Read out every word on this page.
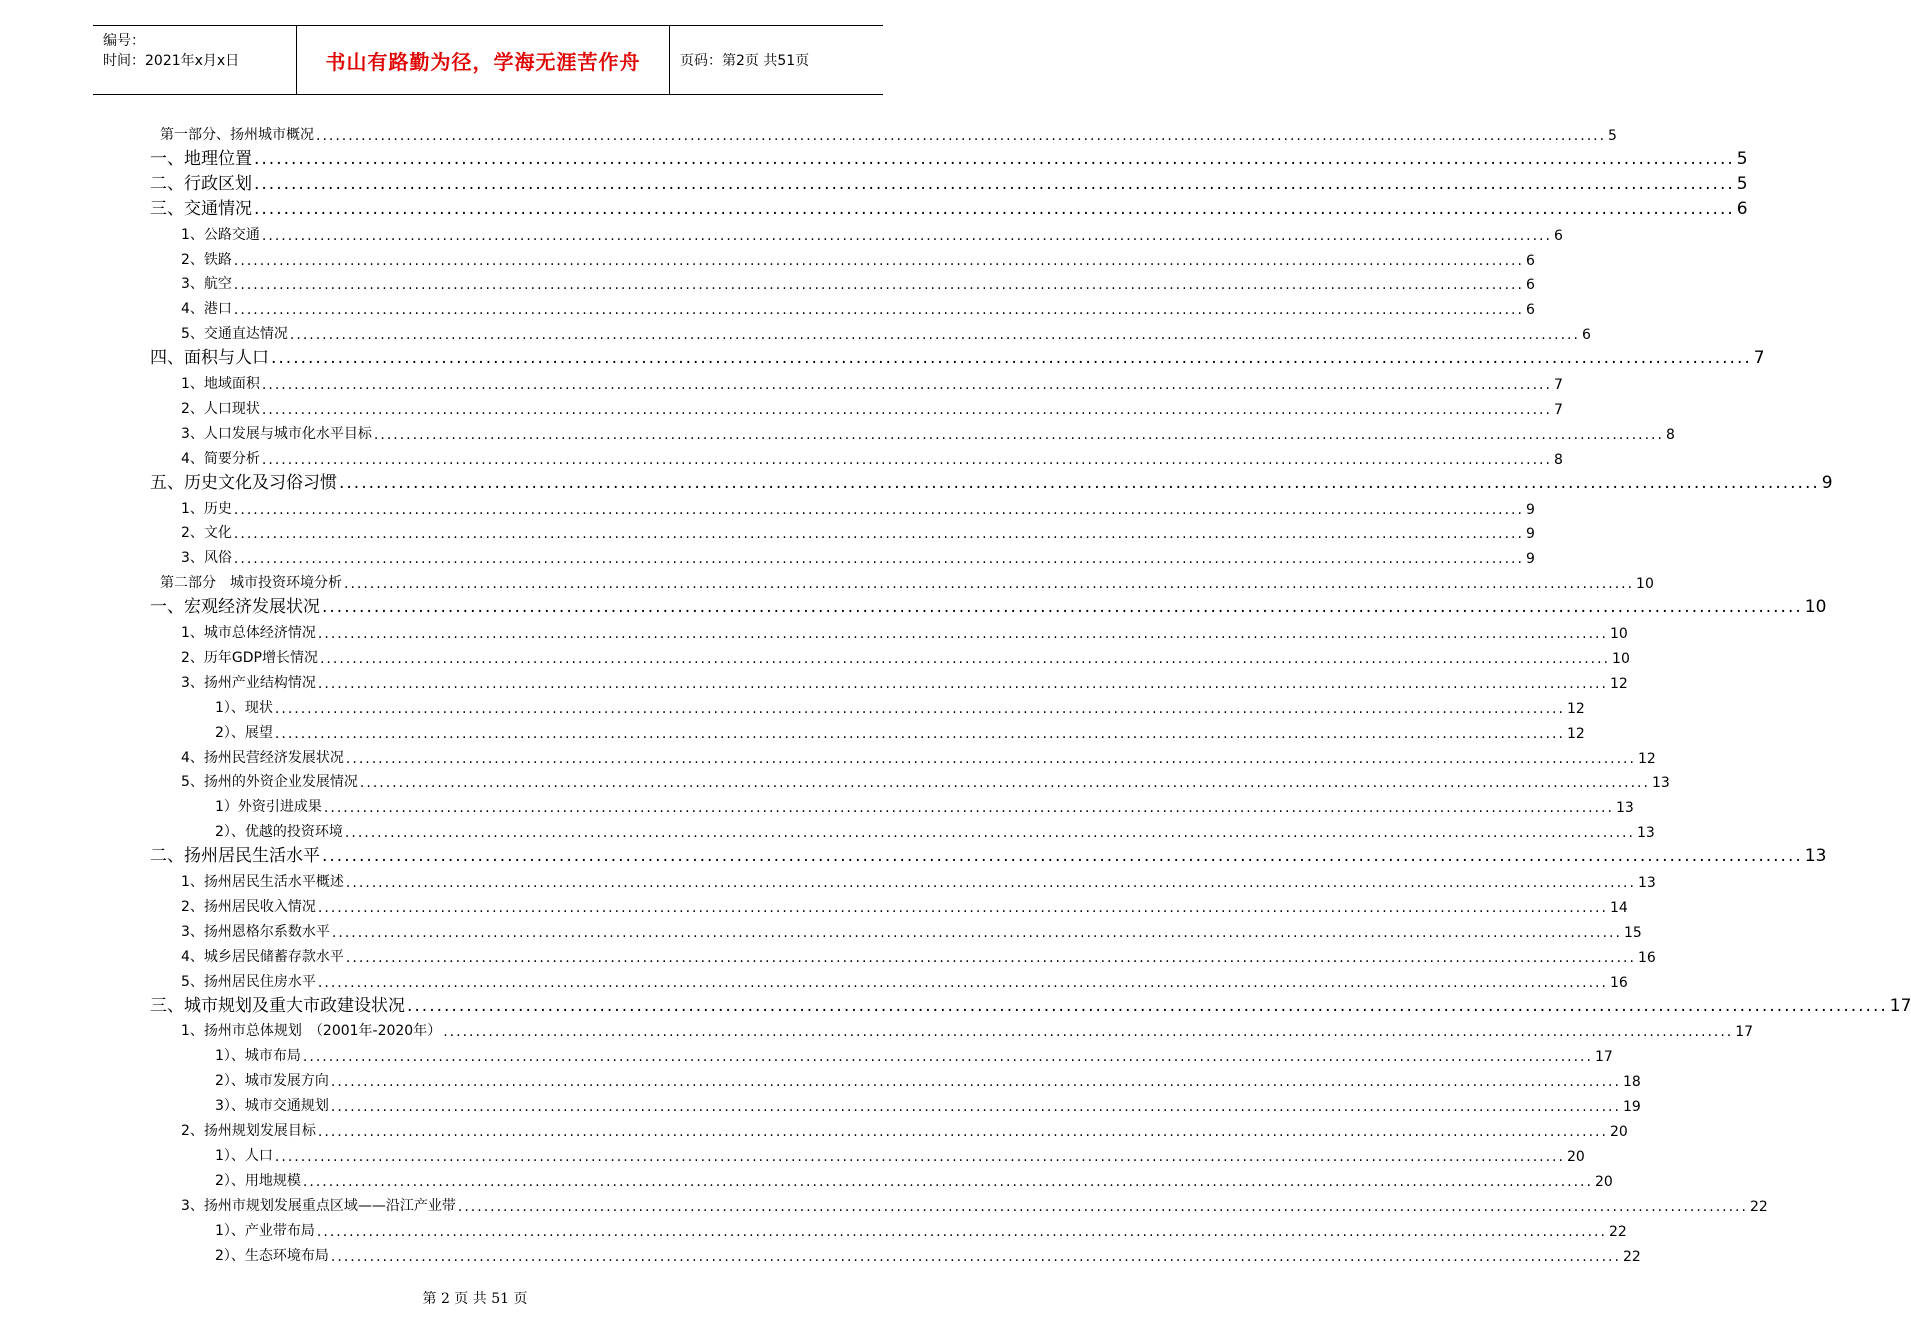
编号：
时间：2021年x月x日	书山有路勤为径，学海无涯苦作舟	页码：第2页 共51页
第一部分、扬州城市概况 ........................................................................................................................................................................................................ 5
一、地理位置 ........................................................................................................................................................................................................ 5
二、行政区划 ........................................................................................................................................................................................................ 5
三、交通情况 ........................................................................................................................................................................................................ 6
1、公路交通 ........................................................................................................................................................................................................ 6
2、铁路 ........................................................................................................................................................................................................ 6
3、航空 ........................................................................................................................................................................................................ 6
4、港口 ........................................................................................................................................................................................................ 6
5、交通直达情况 ........................................................................................................................................................................................................ 6
四、面积与人口 ........................................................................................................................................................................................................ 7
1、地域面积 ........................................................................................................................................................................................................ 7
2、人口现状 ........................................................................................................................................................................................................ 7
3、人口发展与城市化水平目标 ........................................................................................................................................................................................................ 8
4、简要分析 ........................................................................................................................................................................................................ 8
五、历史文化及习俗习惯 ........................................................................................................................................................................................................ 9
1、历史 ........................................................................................................................................................................................................ 9
2、文化 ........................................................................................................................................................................................................ 9
3、风俗 ........................................................................................................................................................................................................ 9
第二部分　城市投资环境分析 ........................................................................................................................................................................................................ 10
一、宏观经济发展状况 ........................................................................................................................................................................................................ 10
1、城市总体经济情况 ........................................................................................................................................................................................................ 10
2、历年GDP增长情况 ........................................................................................................................................................................................................ 10
3、扬州产业结构情况 ........................................................................................................................................................................................................ 12
1）、现状 ........................................................................................................................................................................................................ 12
2）、展望 ........................................................................................................................................................................................................ 12
4、扬州民营经济发展状况 ........................................................................................................................................................................................................ 12
5、扬州的外资企业发展情况 ........................................................................................................................................................................................................ 13
1）外资引进成果 ........................................................................................................................................................................................................ 13
2）、优越的投资环境 ........................................................................................................................................................................................................ 13
二、扬州居民生活水平 ........................................................................................................................................................................................................ 13
1、扬州居民生活水平概述 ........................................................................................................................................................................................................ 13
2、扬州居民收入情况 ........................................................................................................................................................................................................ 14
3、扬州恩格尔系数水平 ........................................................................................................................................................................................................ 15
4、城乡居民储蓄存款水平 ........................................................................................................................................................................................................ 16
5、扬州居民住房水平 ........................................................................................................................................................................................................ 16
三、城市规划及重大市政建设状况 ........................................................................................................................................................................................................ 17
1、扬州市总体规划　（2001年-2020年） ........................................................................................................................................................................................................ 17
1）、城市布局 ........................................................................................................................................................................................................ 17
2）、城市发展方向 ........................................................................................................................................................................................................ 18
3）、城市交通规划 ........................................................................................................................................................................................................ 19
2、扬州规划发展目标 ........................................................................................................................................................................................................ 20
1）、人口 ........................................................................................................................................................................................................ 20
2）、用地规模 ........................................................................................................................................................................................................ 20
3、扬州市规划发展重点区域——沿江产业带 ........................................................................................................................................................................................................ 22
1）、产业带布局 ........................................................................................................................................................................................................ 22
2）、生态环境布局 ........................................................................................................................................................................................................ 22
第 2 页 共 51 页
